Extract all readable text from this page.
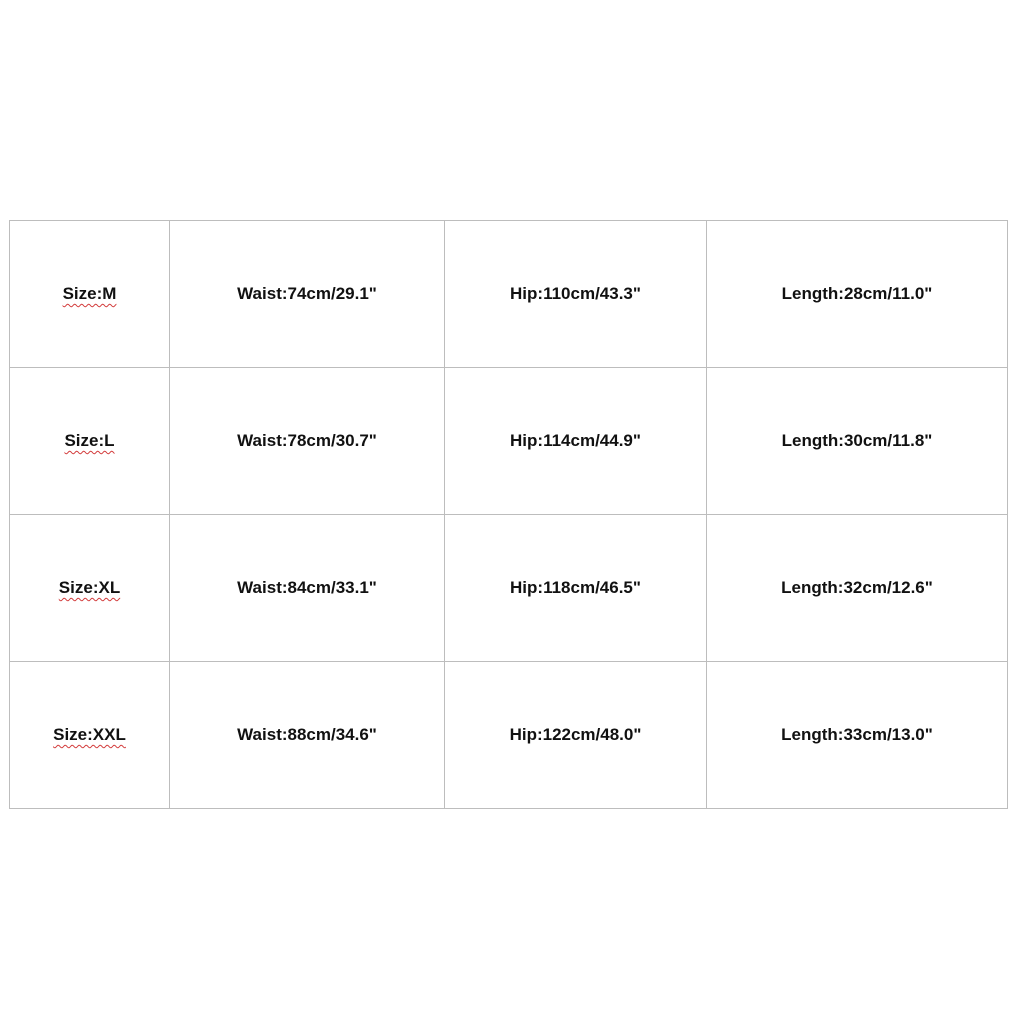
Size:M	Waist:74cm/29.1"	Hip:110cm/43.3"	Length:28cm/11.0"
Size:L	Waist:78cm/30.7"	Hip:114cm/44.9"	Length:30cm/11.8"
Size:XL	Waist:84cm/33.1"	Hip:118cm/46.5"	Length:32cm/12.6"
Size:XXL	Waist:88cm/34.6"	Hip:122cm/48.0"	Length:33cm/13.0"
